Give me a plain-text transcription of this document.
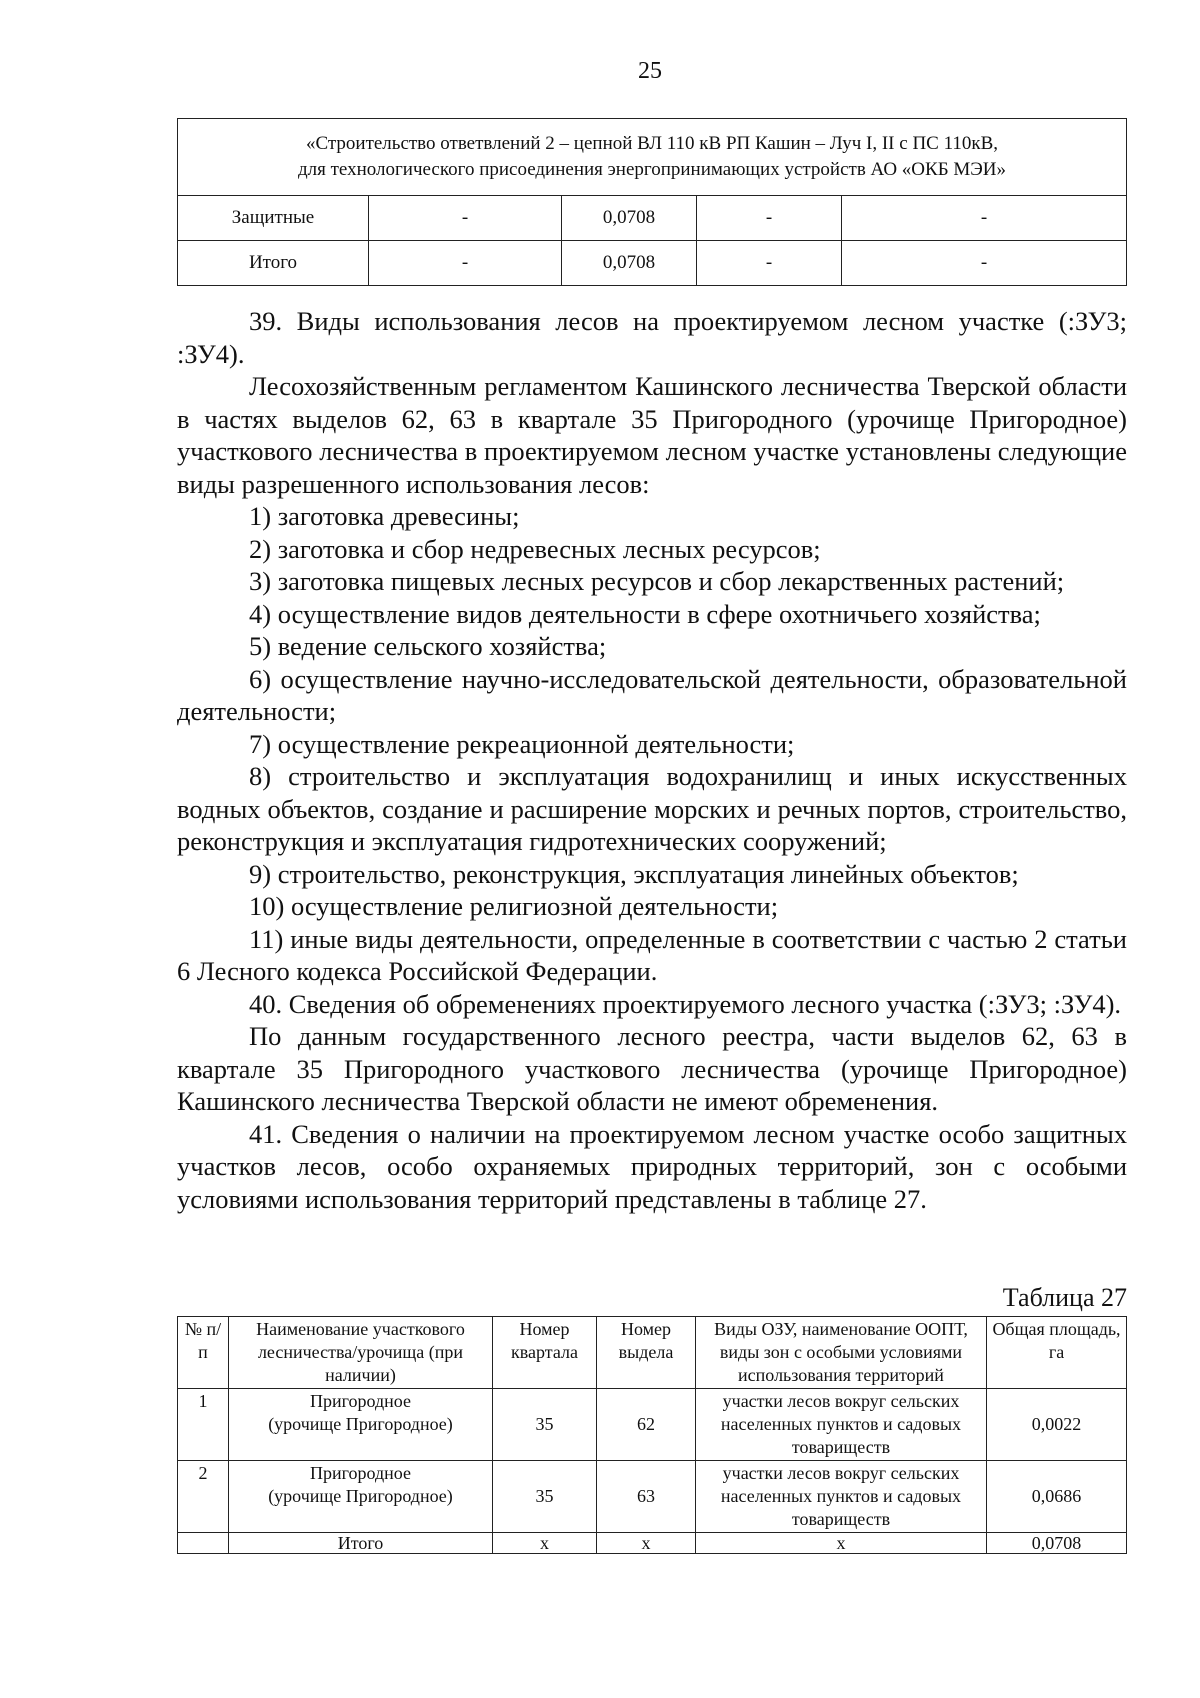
25
«Строительство ответвлений 2 – цепной ВЛ 110 кВ РП Кашин – Луч I, II с ПС 110кВ,
для технологического присоединения энергопринимающих устройств АО «ОКБ МЭИ»				
Защитные	-	0,0708	-	-
Итого	-	0,0708	-	-

39. Виды использования лесов на проектируемом лесном участке (:ЗУ3; :ЗУ4).

Лесохозяйственным регламентом Кашинского лесничества Тверской области в частях выделов 62, 63 в квартале 35 Пригородного (урочище Пригородное) участкового лесничества в проектируемом лесном участке установлены следующие виды разрешенного использования лесов:

1) заготовка древесины;

2) заготовка и сбор недревесных лесных ресурсов;

3) заготовка пищевых лесных ресурсов и сбор лекарственных растений;

4) осуществление видов деятельности в сфере охотничьего хозяйства;

5) ведение сельского хозяйства;

6) осуществление научно-исследовательской деятельности, образовательной деятельности;

7) осуществление рекреационной деятельности;

8) строительство и эксплуатация водохранилищ и иных искусственных водных объектов, создание и расширение морских и речных портов, строительство, реконструкция и эксплуатация гидротехнических сооружений;

9) строительство, реконструкция, эксплуатация линейных объектов;

10) осуществление религиозной деятельности;

11) иные виды деятельности, определенные в соответствии с частью 2 статьи 6 Лесного кодекса Российской Федерации.

40. Сведения об обременениях проектируемого лесного участка (:ЗУ3; :ЗУ4).

По данным государственного лесного реестра, части выделов 62, 63 в квартале 35 Пригородного участкового лесничества (урочище Пригородное) Кашинского лесничества Тверской области не имеют обременения.

41. Сведения о наличии на проектируемом лесном участке особо защитных участков лесов, особо охраняемых природных территорий, зон с особыми условиями использования территорий представлены в таблице 27.

Таблица 27
№ п/п	Наименование участкового лесничества/урочища (при наличии)	Номер квартала	Номер выдела	Виды ОЗУ, наименование ООПТ, виды зон с особыми условиями использования территорий	Общая площадь, га
1	Пригородное
(урочище Пригородное)	35	62	участки лесов вокруг сельских населенных пунктов и садовых товариществ	0,0022
2	Пригородное
(урочище Пригородное)	35	63	участки лесов вокруг сельских населенных пунктов и садовых товариществ	0,0686
	Итого	х	х	х	0,0708
